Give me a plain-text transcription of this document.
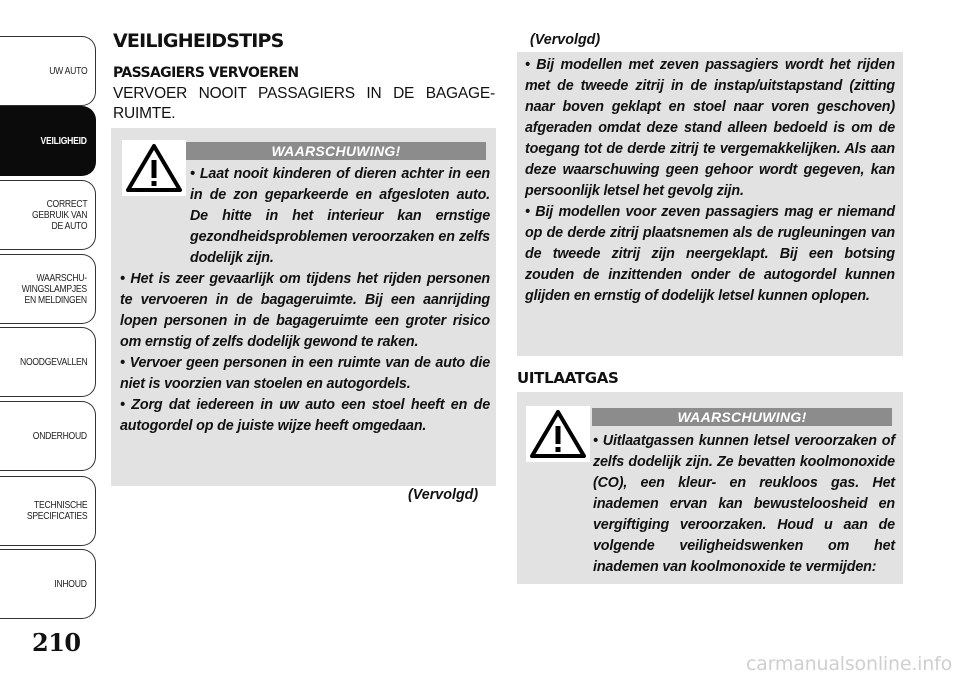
UW AUTO
VEILIGHEID
CORRECT
GEBRUIK VAN
DE AUTO
WAARSCHU-
WINGSLAMPJES
EN MELDINGEN
NOODGEVALLEN
ONDERHOUD
TECHNISCHE
SPECIFICATIES
INHOUD
210
VEILIGHEIDSTIPS
PASSAGIERS VERVOEREN
VERVOER NOOIT PASSAGIERS IN DE BAGAGE-RUIMTE.
WAARSCHUWING!

• Laat nooit kinderen of dieren achter in een in de zon geparkeerde en afgesloten auto. De hitte in het interieur kan ernstige gezondheidsproblemen veroorzaken en zelfs dodelijk zijn.

• Het is zeer gevaarlijk om tijdens het rijden personen te vervoeren in de bagageruimte. Bij een aanrijding lopen personen in de bagageruimte een groter risico om ernstig of zelfs dodelijk gewond te raken.

• Vervoer geen personen in een ruimte van de auto die niet is voorzien van stoelen en autogordels.

• Zorg dat iedereen in uw auto een stoel heeft en de autogordel op de juiste wijze heeft omgedaan.

(Vervolgd)
(Vervolgd)

• Bij modellen met zeven passagiers wordt het rijden met de tweede zitrij in de instap/uitstapstand (zitting naar boven geklapt en stoel naar voren geschoven) afgeraden omdat deze stand alleen bedoeld is om de toegang tot de derde zitrij te vergemakkelijken. Als aan deze waarschuwing geen gehoor wordt gegeven, kan persoonlijk letsel het gevolg zijn.

• Bij modellen voor zeven passagiers mag er niemand op de derde zitrij plaatsnemen als de rugleuningen van de tweede zitrij zijn neergeklapt. Bij een botsing zouden de inzittenden onder de autogordel kunnen glijden en ernstig of dodelijk letsel kunnen oplopen.

UITLAATGAS
WAARSCHUWING!

• Uitlaatgassen kunnen letsel veroorzaken of zelfs dodelijk zijn. Ze bevatten koolmonoxide (CO), een kleur- en reukloos gas. Het inademen ervan kan bewusteloosheid en vergiftiging veroorzaken. Houd u aan de volgende veiligheidswenken om het inademen van koolmonoxide te vermijden:

carmanualsonline.info
